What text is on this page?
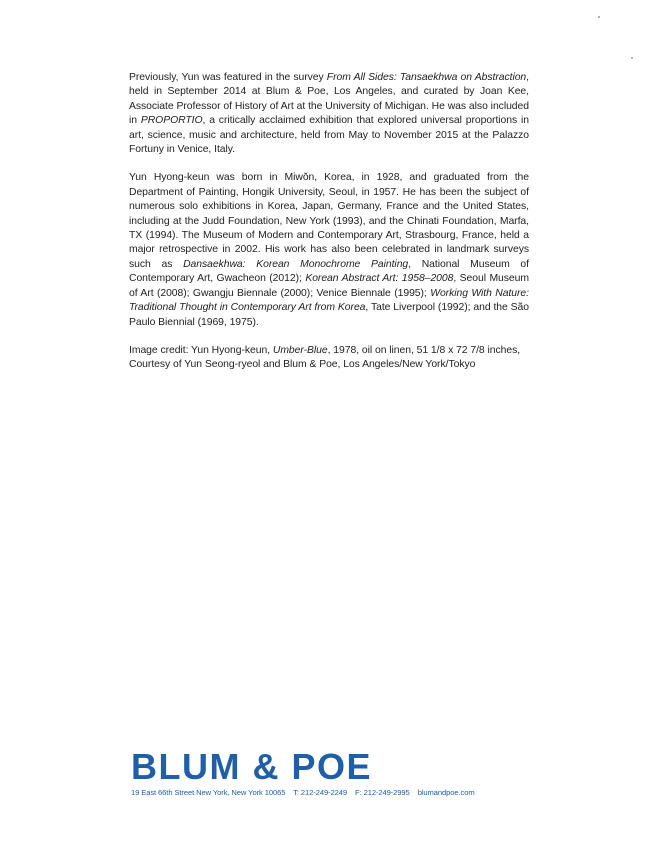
Previously, Yun was featured in the survey From All Sides: Tansaekhwa on Abstraction, held in September 2014 at Blum & Poe, Los Angeles, and curated by Joan Kee, Associate Professor of History of Art at the University of Michigan. He was also included in PROPORTIO, a critically acclaimed exhibition that explored universal proportions in art, science, music and architecture, held from May to November 2015 at the Palazzo Fortuny in Venice, Italy.

Yun Hyong-keun was born in Miwŏn, Korea, in 1928, and graduated from the Department of Painting, Hongik University, Seoul, in 1957. He has been the subject of numerous solo exhibitions in Korea, Japan, Germany, France and the United States, including at the Judd Foundation, New York (1993), and the Chinati Foundation, Marfa, TX (1994). The Museum of Modern and Contemporary Art, Strasbourg, France, held a major retrospective in 2002. His work has also been celebrated in landmark surveys such as Dansaekhwa: Korean Monochrome Painting, National Museum of Contemporary Art, Gwacheon (2012); Korean Abstract Art: 1958–2008, Seoul Museum of Art (2008); Gwangju Biennale (2000); Venice Biennale (1995); Working With Nature: Traditional Thought in Contemporary Art from Korea, Tate Liverpool (1992); and the São Paulo Biennial (1969, 1975).

Image credit: Yun Hyong-keun, Umber-Blue, 1978, oil on linen, 51 1/8 x 72 7/8 inches, Courtesy of Yun Seong-ryeol and Blum & Poe, Los Angeles/New York/Tokyo

BLUM & POE
19 East 66th Street New York, New York 10065 T: 212-249-2249 F: 212-249-2995 blumandpoe.com
